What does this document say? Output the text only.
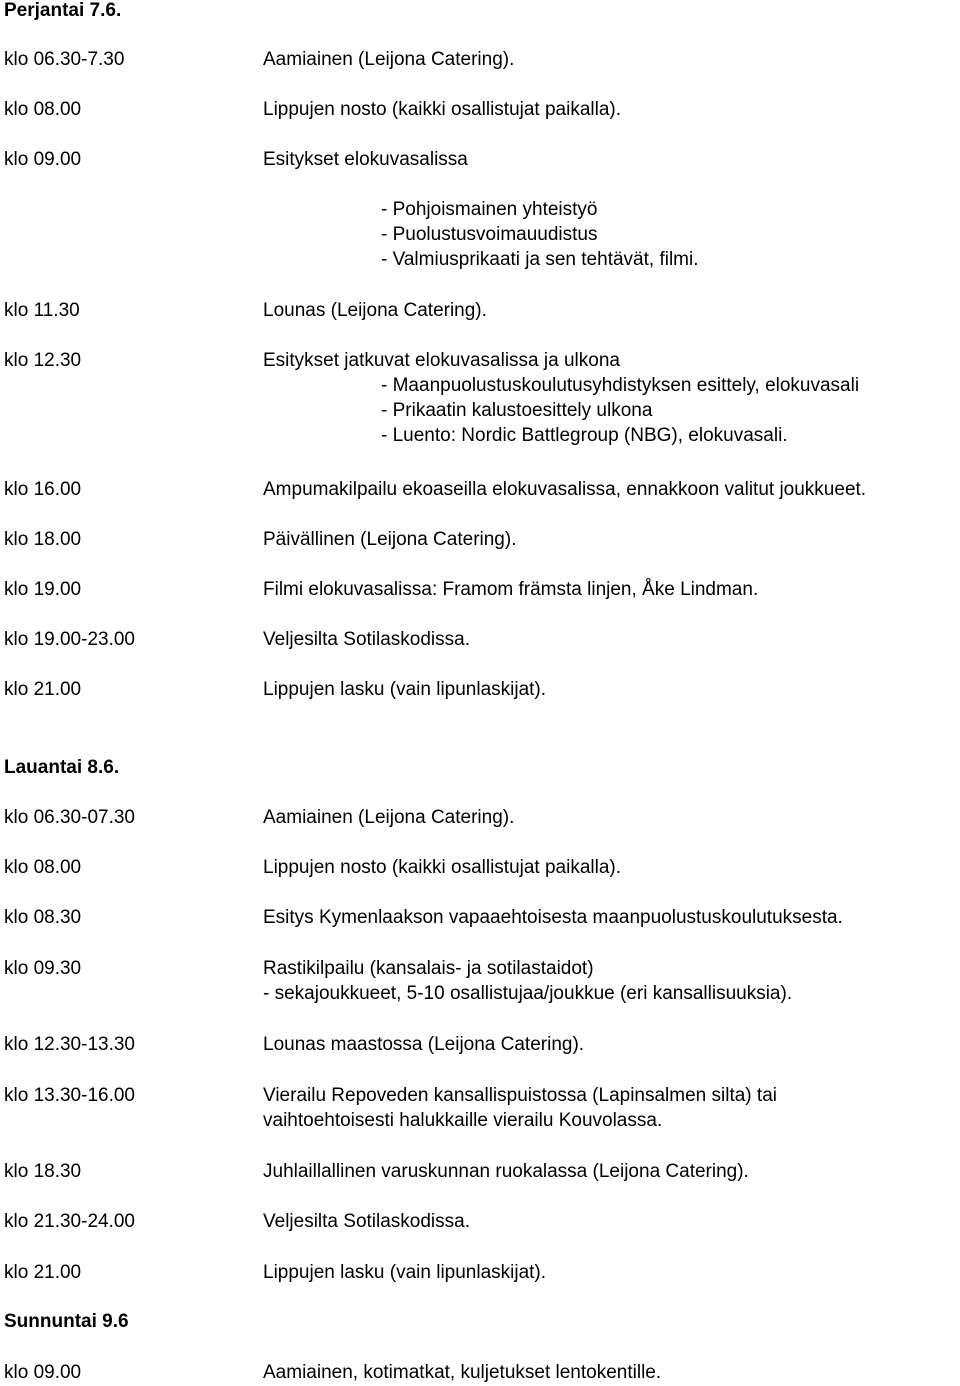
Perjantai 7.6.
klo 06.30-7.30	Aamiainen (Leijona Catering).
klo 08.00	Lippujen nosto (kaikki osallistujat paikalla).
klo 09.00	Esitykset elokuvasalissa
- Pohjoismainen yhteistyö
- Puolustusvoimauudistus
- Valmiusprikaati ja sen tehtävät, filmi.
klo 11.30	Lounas (Leijona Catering).
klo 12.30	Esitykset jatkuvat elokuvasalissa ja ulkona
- Maanpuolustuskoulutusyhdistyksen esittely, elokuvasali
- Prikaatin kalustoesittely ulkona
- Luento: Nordic Battlegroup (NBG), elokuvasali.
klo 16.00	Ampumakilpailu ekoaseilla elokuvasalissa, ennakkoon valitut joukkueet.
klo 18.00	Päivällinen (Leijona Catering).
klo 19.00	Filmi elokuvasalissa: Framom främsta linjen, Åke Lindman.
klo 19.00-23.00	Veljesilta Sotilaskodissa.
klo 21.00	Lippujen lasku (vain lipunlaskijat).
Lauantai 8.6.
klo 06.30-07.30	Aamiainen (Leijona Catering).
klo 08.00	Lippujen nosto (kaikki osallistujat paikalla).
klo 08.30	Esitys Kymenlaakson vapaaehtoisesta maanpuolustuskoulutuksesta.
klo 09.30	Rastikilpailu (kansalais- ja sotilastaidot)
- sekajoukkueet, 5-10 osallistujaa/joukkue (eri kansallisuuksia).
klo 12.30-13.30	Lounas maastossa (Leijona Catering).
klo 13.30-16.00	Vierailu Repoveden kansallispuistossa (Lapinsalmen silta) tai
vaihtoehtoisesti halukkaille vierailu Kouvolassa.
klo 18.30	Juhlaillallinen varuskunnan ruokalassa (Leijona Catering).
klo 21.30-24.00	Veljesilta Sotilaskodissa.
klo 21.00	Lippujen lasku (vain lipunlaskijat).
Sunnuntai 9.6
klo 09.00	Aamiainen, kotimatkat, kuljetukset lentokentille.
